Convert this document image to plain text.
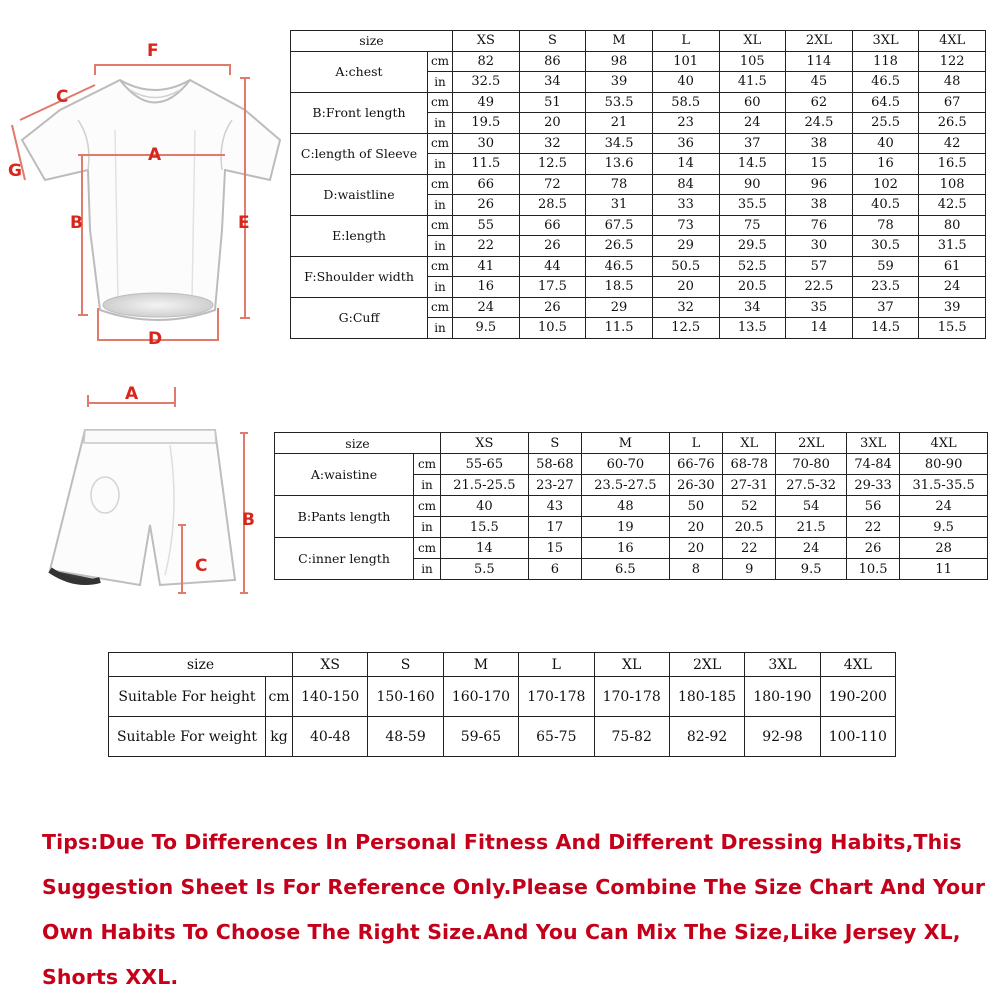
F
C
G
A
B	E
D
A
B
C
size		XS	S	M	L	XL	2XL	3XL	4XL
A:chest	cm	82	86	98	101	105	114	118	122
	in	32.5	34	39	40	41.5	45	46.5	48
B:Front length	cm	49	51	53.5	58.5	60	62	64.5	67
	in	19.5	20	21	23	24	24.5	25.5	26.5
C:length of Sleeve	cm	30	32	34.5	36	37	38	40	42
	in	11.5	12.5	13.6	14	14.5	15	16	16.5
D:waistline	cm	66	72	78	84	90	96	102	108
	in	26	28.5	31	33	35.5	38	40.5	42.5
E:length	cm	55	66	67.5	73	75	76	78	80
	in	22	26	26.5	29	29.5	30	30.5	31.5
F:Shoulder width	cm	41	44	46.5	50.5	52.5	57	59	61
	in	16	17.5	18.5	20	20.5	22.5	23.5	24
G:Cuff	cm	24	26	29	32	34	35	37	39
	in	9.5	10.5	11.5	12.5	13.5	14	14.5	15.5
size		XS	S	M	L	XL	2XL	3XL	4XL
A:waistine	cm	55-65	58-68	60-70	66-76	68-78	70-80	74-84	80-90
	in	21.5-25.5	23-27	23.5-27.5	26-30	27-31	27.5-32	29-33	31.5-35.5
B:Pants length	cm	40	43	48	50	52	54	56	24
	in	15.5	17	19	20	20.5	21.5	22	9.5
C:inner length	cm	14	15	16	20	22	24	26	28
	in	5.5	6	6.5	8	9	9.5	10.5	11
size		XS	S	M	L	XL	2XL	3XL	4XL
Suitable For height	cm	140-150	150-160	160-170	170-178	170-178	180-185	180-190	190-200
Suitable For weight	kg	40-48	48-59	59-65	65-75	75-82	82-92	92-98	100-110
Tips:Due To Differences In Personal Fitness And Different Dressing Habits,This
Suggestion Sheet Is For Reference Only.Please Combine The Size Chart And Your
Own Habits To Choose The Right Size.And You Can Mix The Size,Like Jersey XL,
Shorts XXL.
